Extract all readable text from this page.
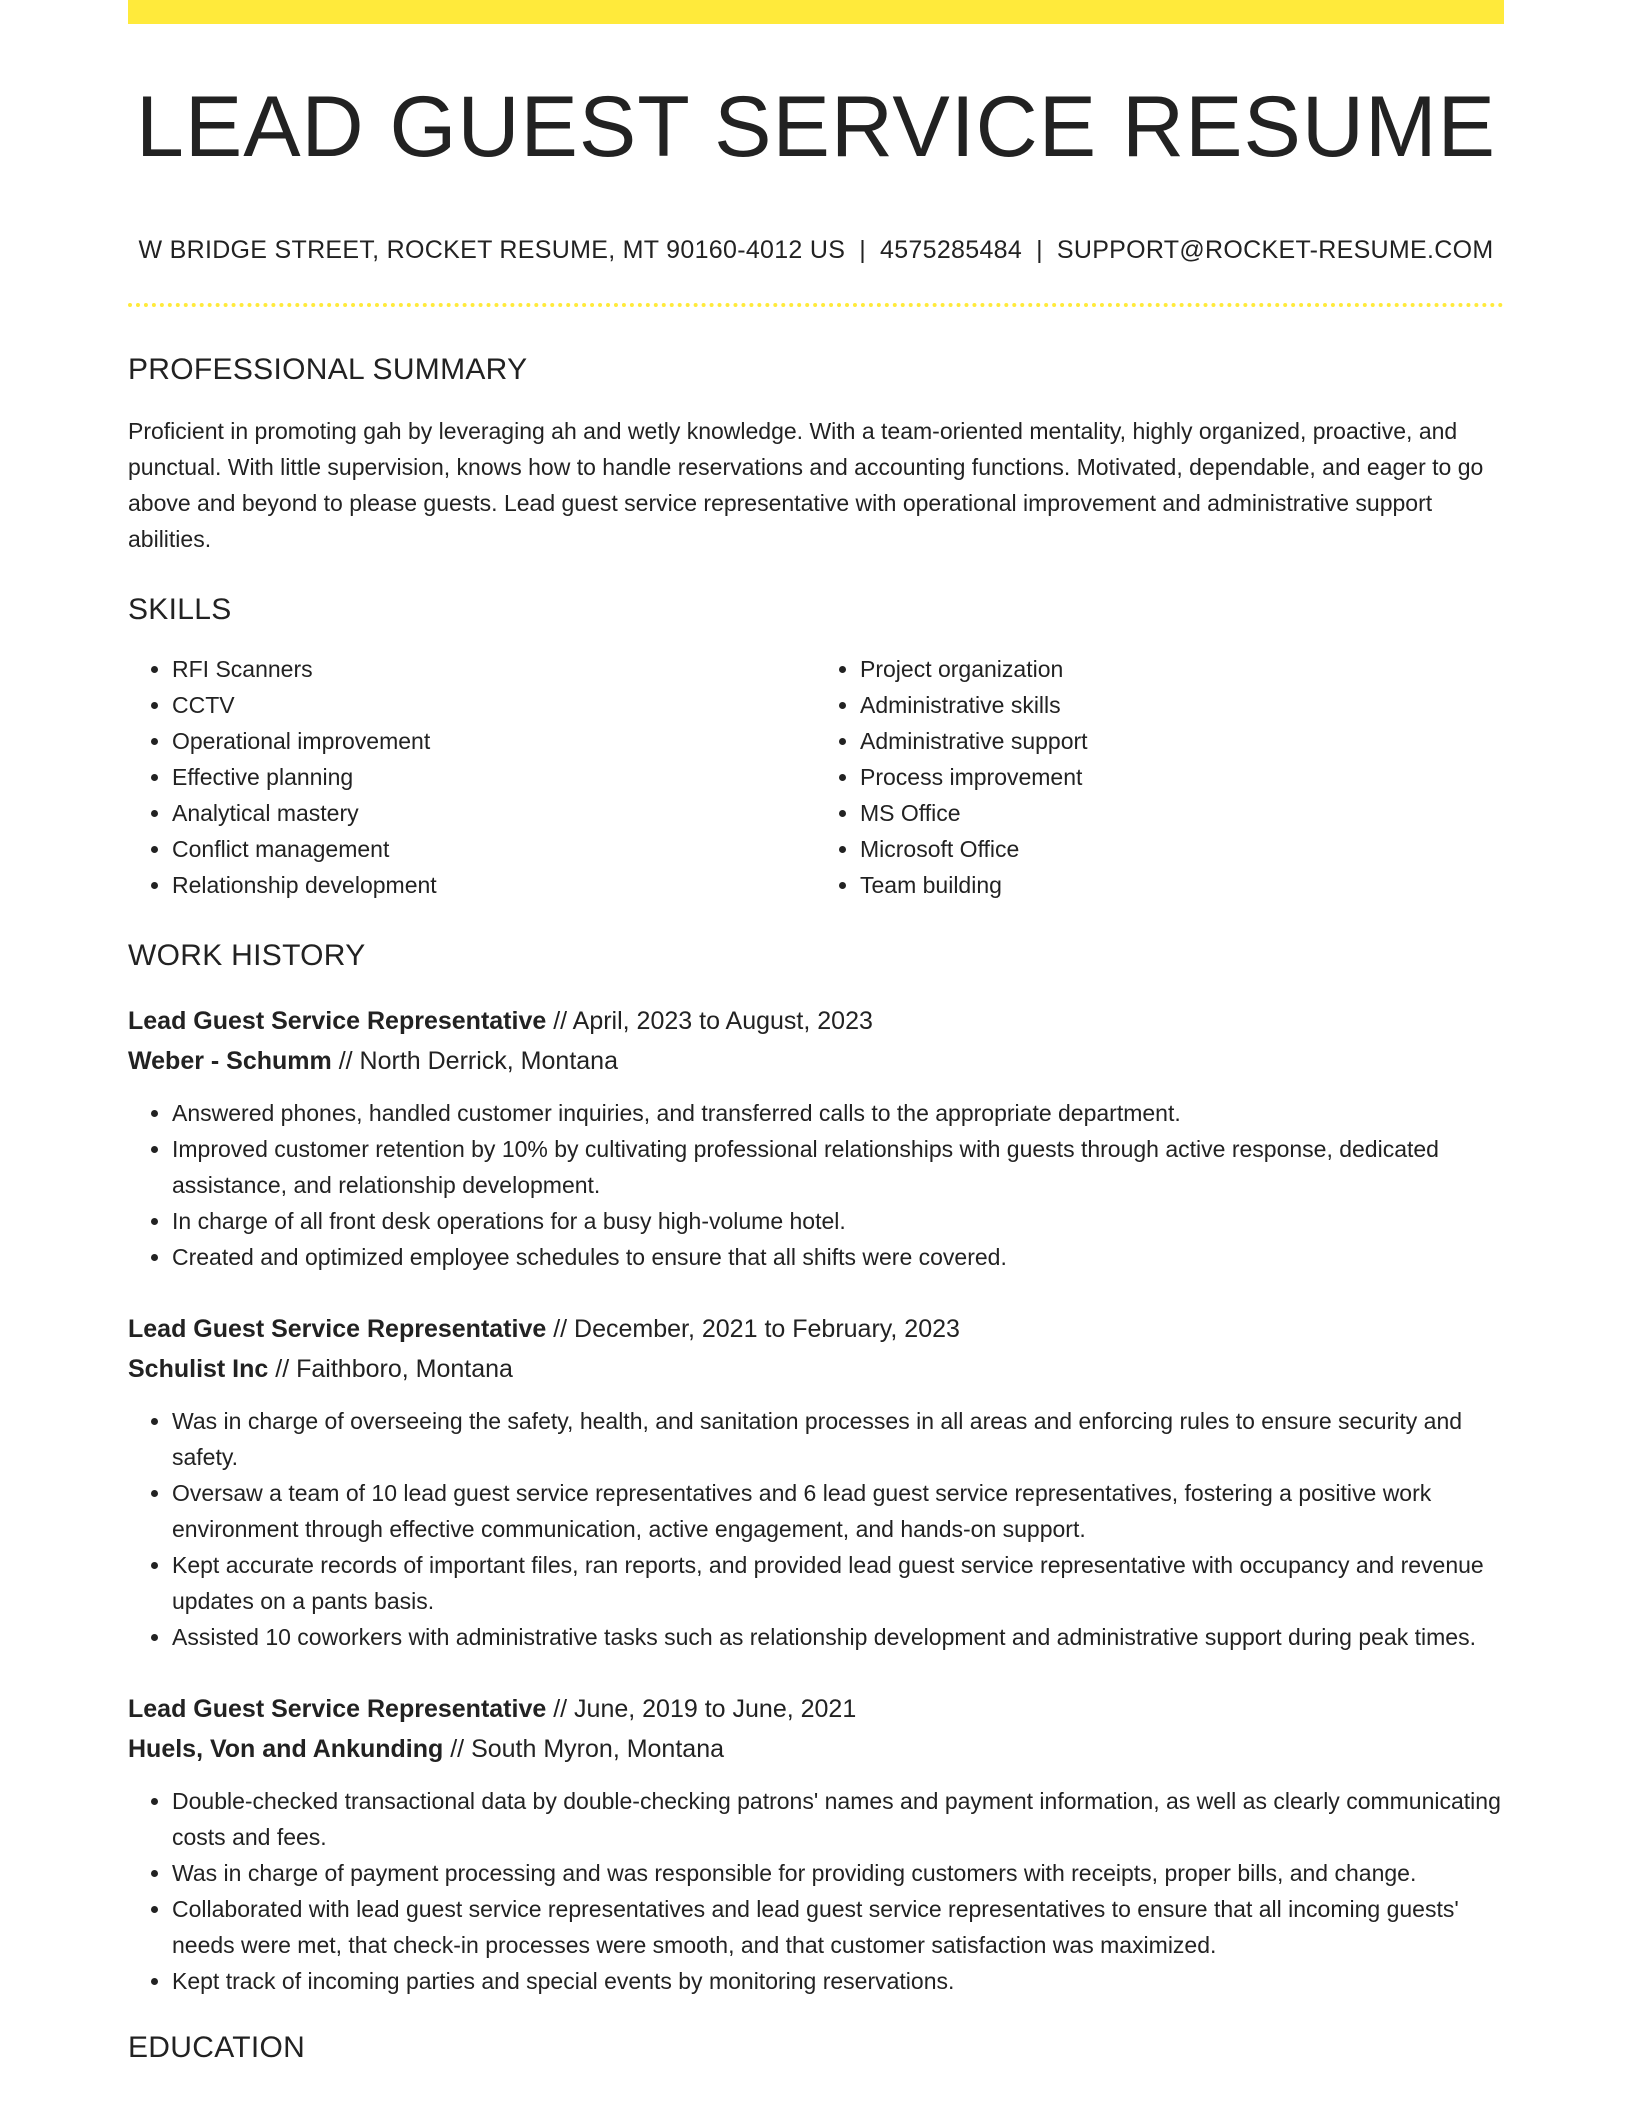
LEAD GUEST SERVICE RESUME
W BRIDGE STREET, ROCKET RESUME, MT 90160-4012 US | 4575285484 | SUPPORT@ROCKET-RESUME.COM
PROFESSIONAL SUMMARY

Proficient in promoting gah by leveraging ah and wetly knowledge. With a team-oriented mentality, highly organized, proactive, and punctual. With little supervision, knows how to handle reservations and accounting functions. Motivated, dependable, and eager to go above and beyond to please guests. Lead guest service representative with operational improvement and administrative support abilities.

SKILLS
• RFI Scanners
• CCTV
• Operational improvement
• Effective planning
• Analytical mastery
• Conflict management
• Relationship development
• Project organization
• Administrative skills
• Administrative support
• Process improvement
• MS Office
• Microsoft Office
• Team building
WORK HISTORY
Lead Guest Service Representative // April, 2023 to August, 2023
Weber - Schumm // North Derrick, Montana
• Answered phones, handled customer inquiries, and transferred calls to the appropriate department.
• Improved customer retention by 10% by cultivating professional relationships with guests through active response, dedicated assistance, and relationship development.
• In charge of all front desk operations for a busy high-volume hotel.
• Created and optimized employee schedules to ensure that all shifts were covered.
Lead Guest Service Representative // December, 2021 to February, 2023
Schulist Inc // Faithboro, Montana
• Was in charge of overseeing the safety, health, and sanitation processes in all areas and enforcing rules to ensure security and safety.
• Oversaw a team of 10 lead guest service representatives and 6 lead guest service representatives, fostering a positive work environment through effective communication, active engagement, and hands-on support.
• Kept accurate records of important files, ran reports, and provided lead guest service representative with occupancy and revenue updates on a pants basis.
• Assisted 10 coworkers with administrative tasks such as relationship development and administrative support during peak times.
Lead Guest Service Representative // June, 2019 to June, 2021
Huels, Von and Ankunding // South Myron, Montana
• Double-checked transactional data by double-checking patrons' names and payment information, as well as clearly communicating costs and fees.
• Was in charge of payment processing and was responsible for providing customers with receipts, proper bills, and change.
• Collaborated with lead guest service representatives and lead guest service representatives to ensure that all incoming guests' needs were met, that check-in processes were smooth, and that customer satisfaction was maximized.
• Kept track of incoming parties and special events by monitoring reservations.
EDUCATION
